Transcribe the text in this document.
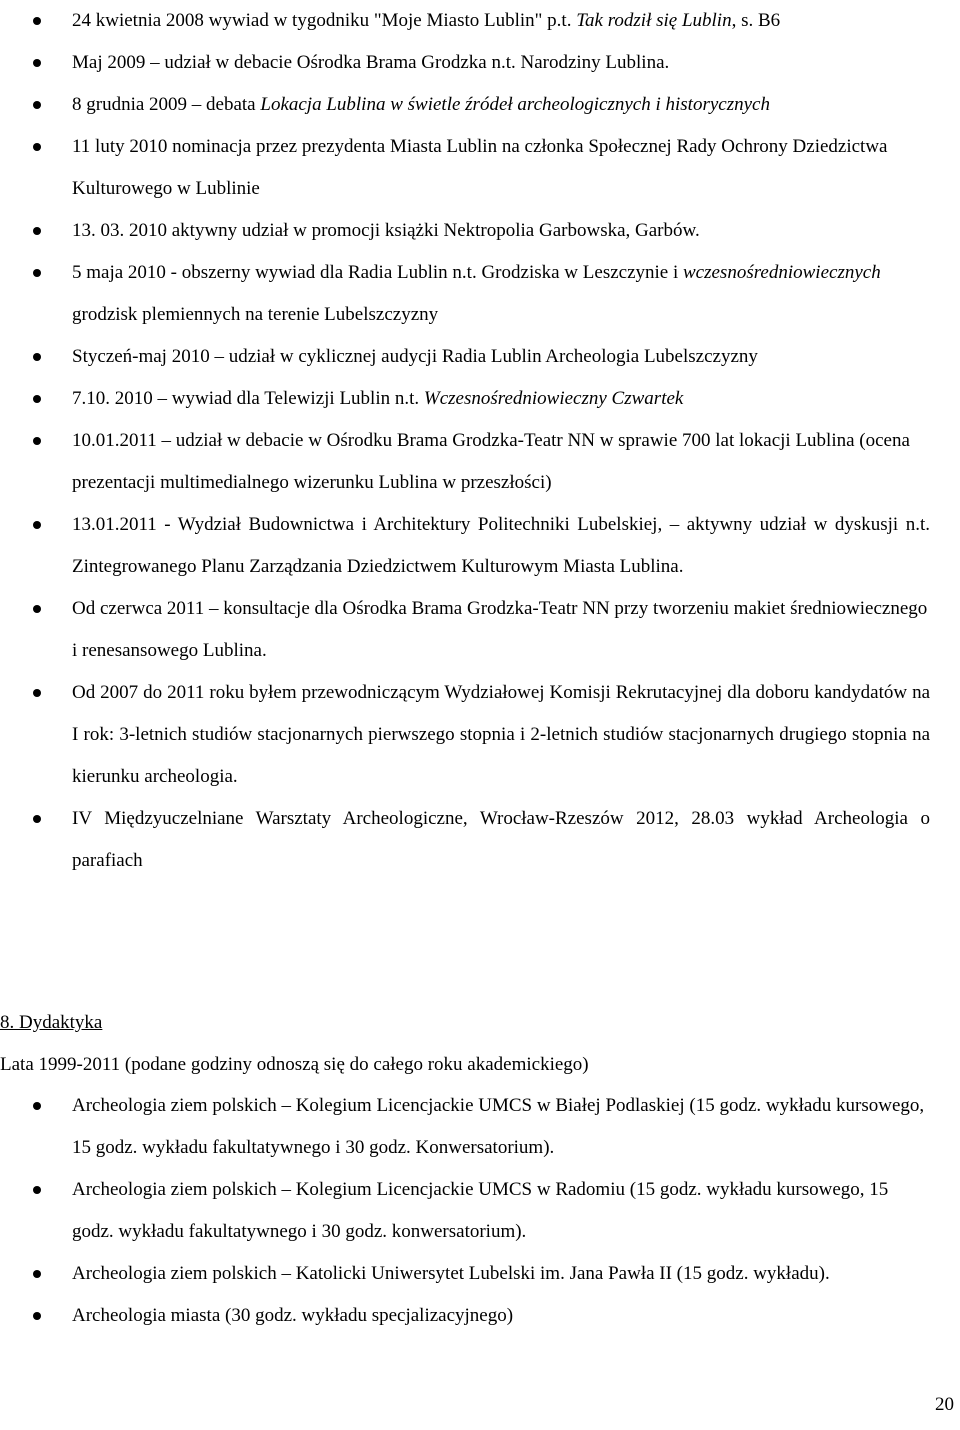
24 kwietnia 2008 wywiad w tygodniku "Moje Miasto Lublin" p.t. Tak rodził się Lublin, s. B6
Maj 2009 – udział w debacie Ośrodka Brama Grodzka n.t. Narodziny Lublina.
8 grudnia 2009 – debata Lokacja Lublina w świetle źródeł archeologicznych i historycznych
11 luty 2010 nominacja przez prezydenta Miasta Lublin na członka Społecznej Rady Ochrony Dziedzictwa Kulturowego w Lublinie
13. 03. 2010 aktywny udział w promocji książki Nektropolia Garbowska, Garbów.
5 maja 2010 - obszerny wywiad dla Radia Lublin n.t. Grodziska w Leszczynie i wczesnośredniowiecznych grodzisk plemiennych na terenie Lubelszczyzny
Styczeń-maj 2010 – udział w cyklicznej audycji Radia Lublin Archeologia Lubelszczyzny
7.10. 2010 – wywiad dla Telewizji Lublin n.t. Wczesnośredniowieczny Czwartek
10.01.2011 – udział w debacie w Ośrodku Brama Grodzka-Teatr NN w sprawie 700 lat lokacji Lublina (ocena prezentacji multimedialnego wizerunku Lublina w przeszłości)
13.01.2011 - Wydział Budownictwa i Architektury Politechniki Lubelskiej, – aktywny udział w dyskusji n.t. Zintegrowanego Planu Zarządzania Dziedzictwem Kulturowym Miasta Lublina.
Od czerwca 2011 – konsultacje dla Ośrodka Brama Grodzka-Teatr NN przy tworzeniu makiet średniowiecznego i renesansowego Lublina.
Od 2007 do 2011 roku byłem przewodniczącym Wydziałowej Komisji Rekrutacyjnej dla doboru kandydatów na I rok: 3-letnich studiów stacjonarnych pierwszego stopnia i 2-letnich studiów stacjonarnych drugiego stopnia na kierunku archeologia.
IV Międzyuczelniane Warsztaty Archeologiczne, Wrocław-Rzeszów 2012, 28.03 wykład Archeologia o parafiach
8. Dydaktyka
Lata 1999-2011 (podane godziny odnoszą się do całego roku akademickiego)
Archeologia ziem polskich – Kolegium Licencjackie UMCS w Białej Podlaskiej (15 godz. wykładu kursowego, 15 godz. wykładu fakultatywnego i 30 godz. Konwersatorium).
Archeologia ziem polskich – Kolegium Licencjackie UMCS w Radomiu (15 godz. wykładu kursowego, 15 godz. wykładu fakultatywnego i 30 godz. konwersatorium).
Archeologia ziem polskich – Katolicki Uniwersytet Lubelski im. Jana Pawła II (15 godz. wykładu).
Archeologia miasta (30 godz. wykładu specjalizacyjnego)
20
